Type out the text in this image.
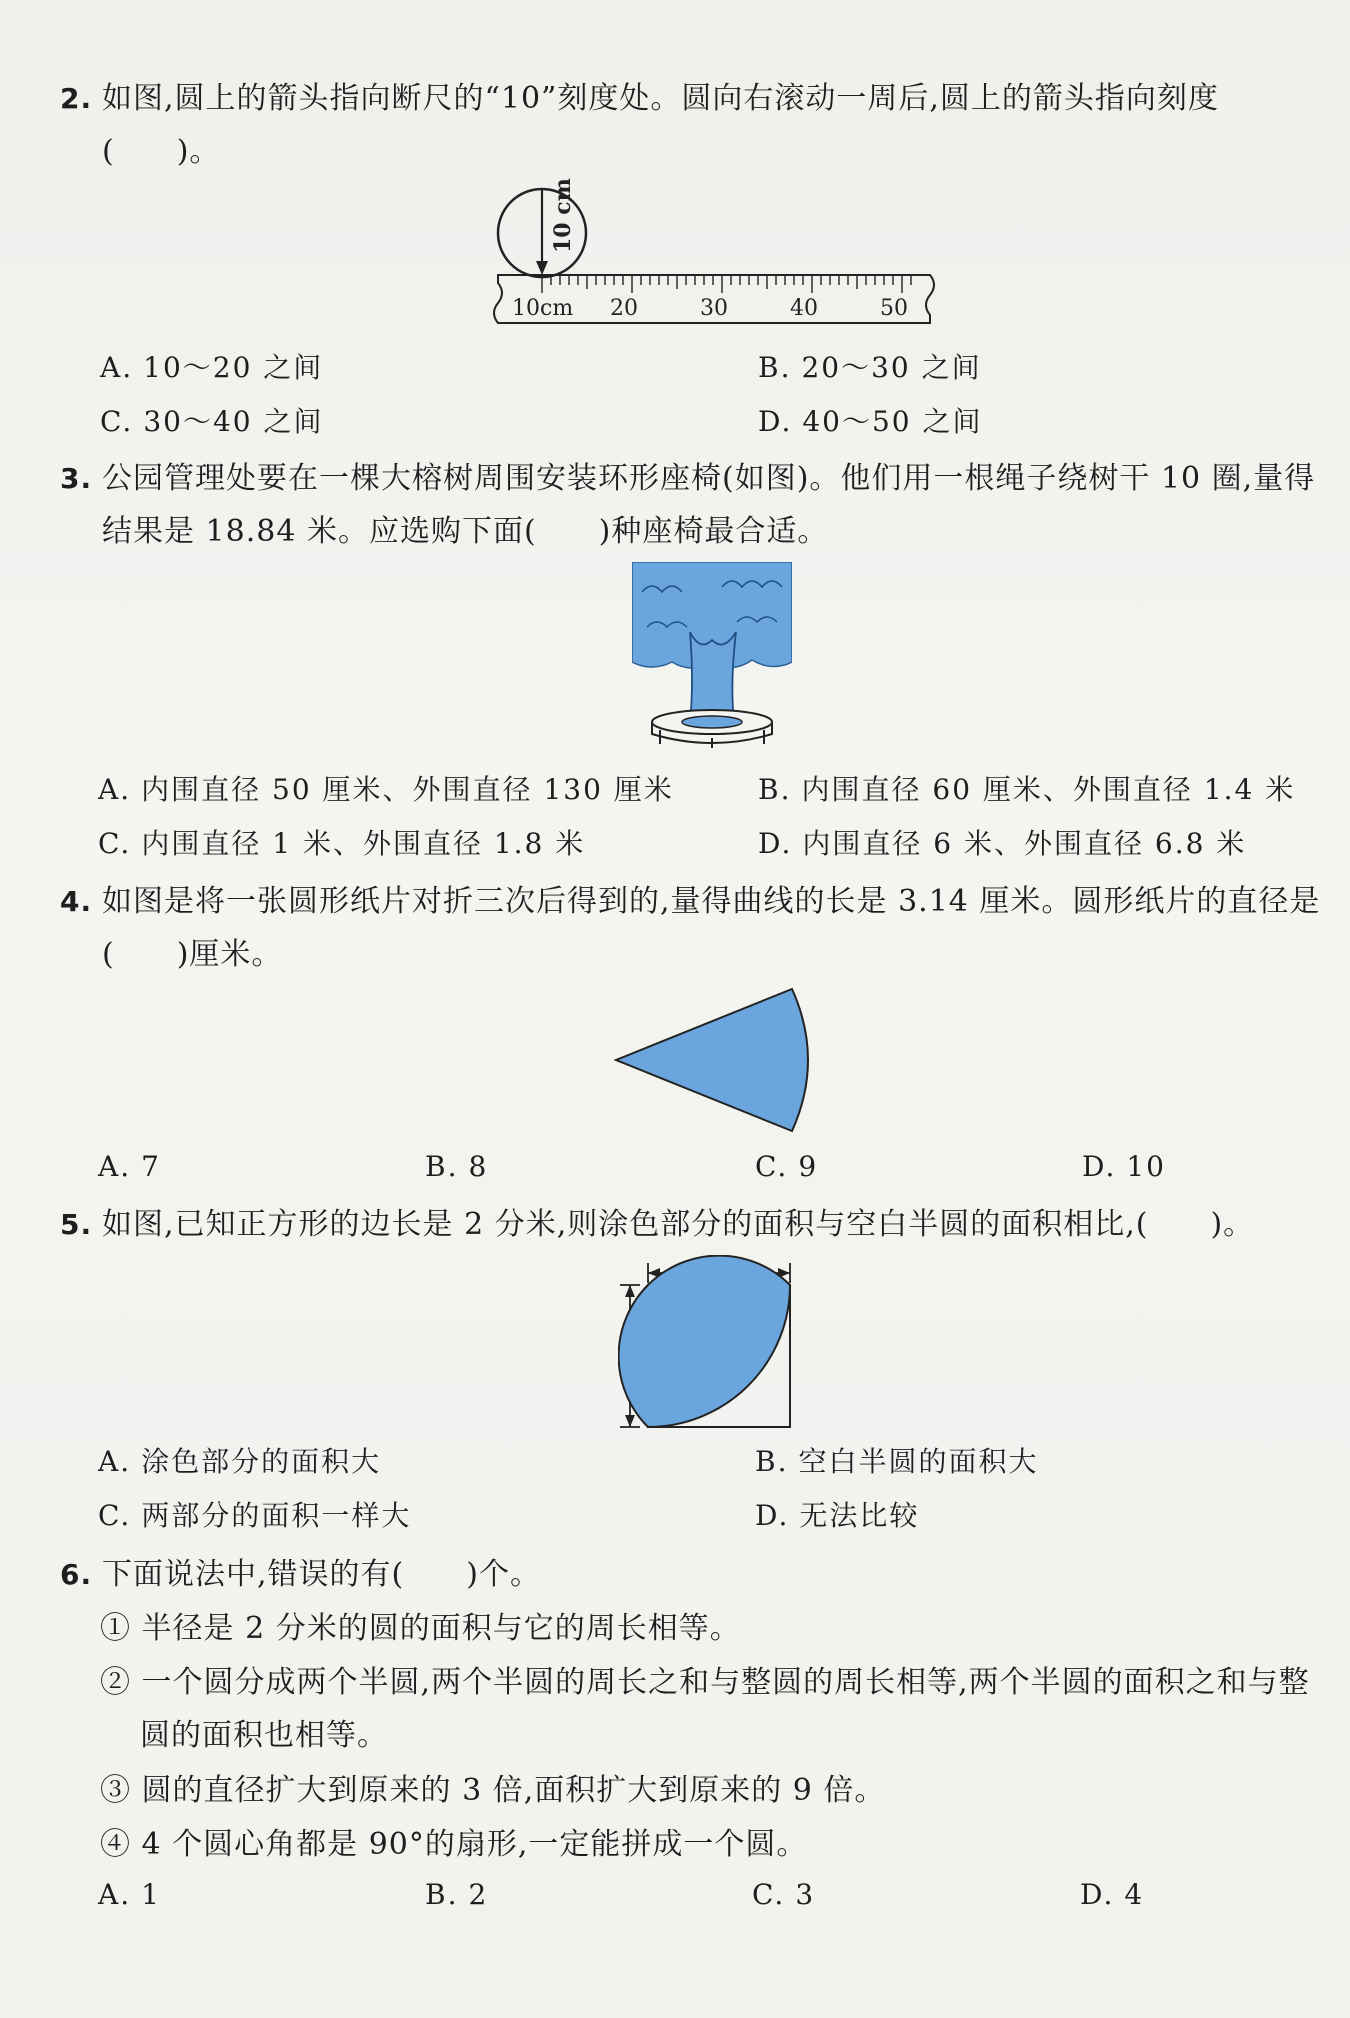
2. 如图,圆上的箭头指向断尺的“10”刻度处。圆向右滚动一周后,圆上的箭头指向刻度(　　)。
10 cm
10cm 20	30	40	50
A. 10～20 之间	B. 20～30 之间
C. 30～40 之间	D. 40～50 之间
3. 公园管理处要在一棵大榕树周围安装环形座椅(如图)。他们用一根绳子绕树干 10 圈,量得结果是 18.84 米。应选购下面(　　)种座椅最合适。
A. 内围直径 50 厘米、外围直径 130 厘米	B. 内围直径 60 厘米、外围直径 1.4 米
C. 内围直径 1 米、外围直径 1.8 米	D. 内围直径 6 米、外围直径 6.8 米
4. 如图是将一张圆形纸片对折三次后得到的,量得曲线的长是 3.14 厘米。圆形纸片的直径是(　　)厘米。
A. 7	B. 8	C. 9	D. 10
5. 如图,已知正方形的边长是 2 分米,则涂色部分的面积与空白半圆的面积相比,(　　)。
A. 涂色部分的面积大	B. 空白半圆的面积大
C. 两部分的面积一样大	D. 无法比较
6. 下面说法中,错误的有(　　)个。
① 半径是 2 分米的圆的面积与它的周长相等。
② 一个圆分成两个半圆,两个半圆的周长之和与整圆的周长相等,两个半圆的面积之和与整圆的面积也相等。
③ 圆的直径扩大到原来的 3 倍,面积扩大到原来的 9 倍。
④ 4 个圆心角都是 90°的扇形,一定能拼成一个圆。
A. 1	B. 2	C. 3	D. 4
